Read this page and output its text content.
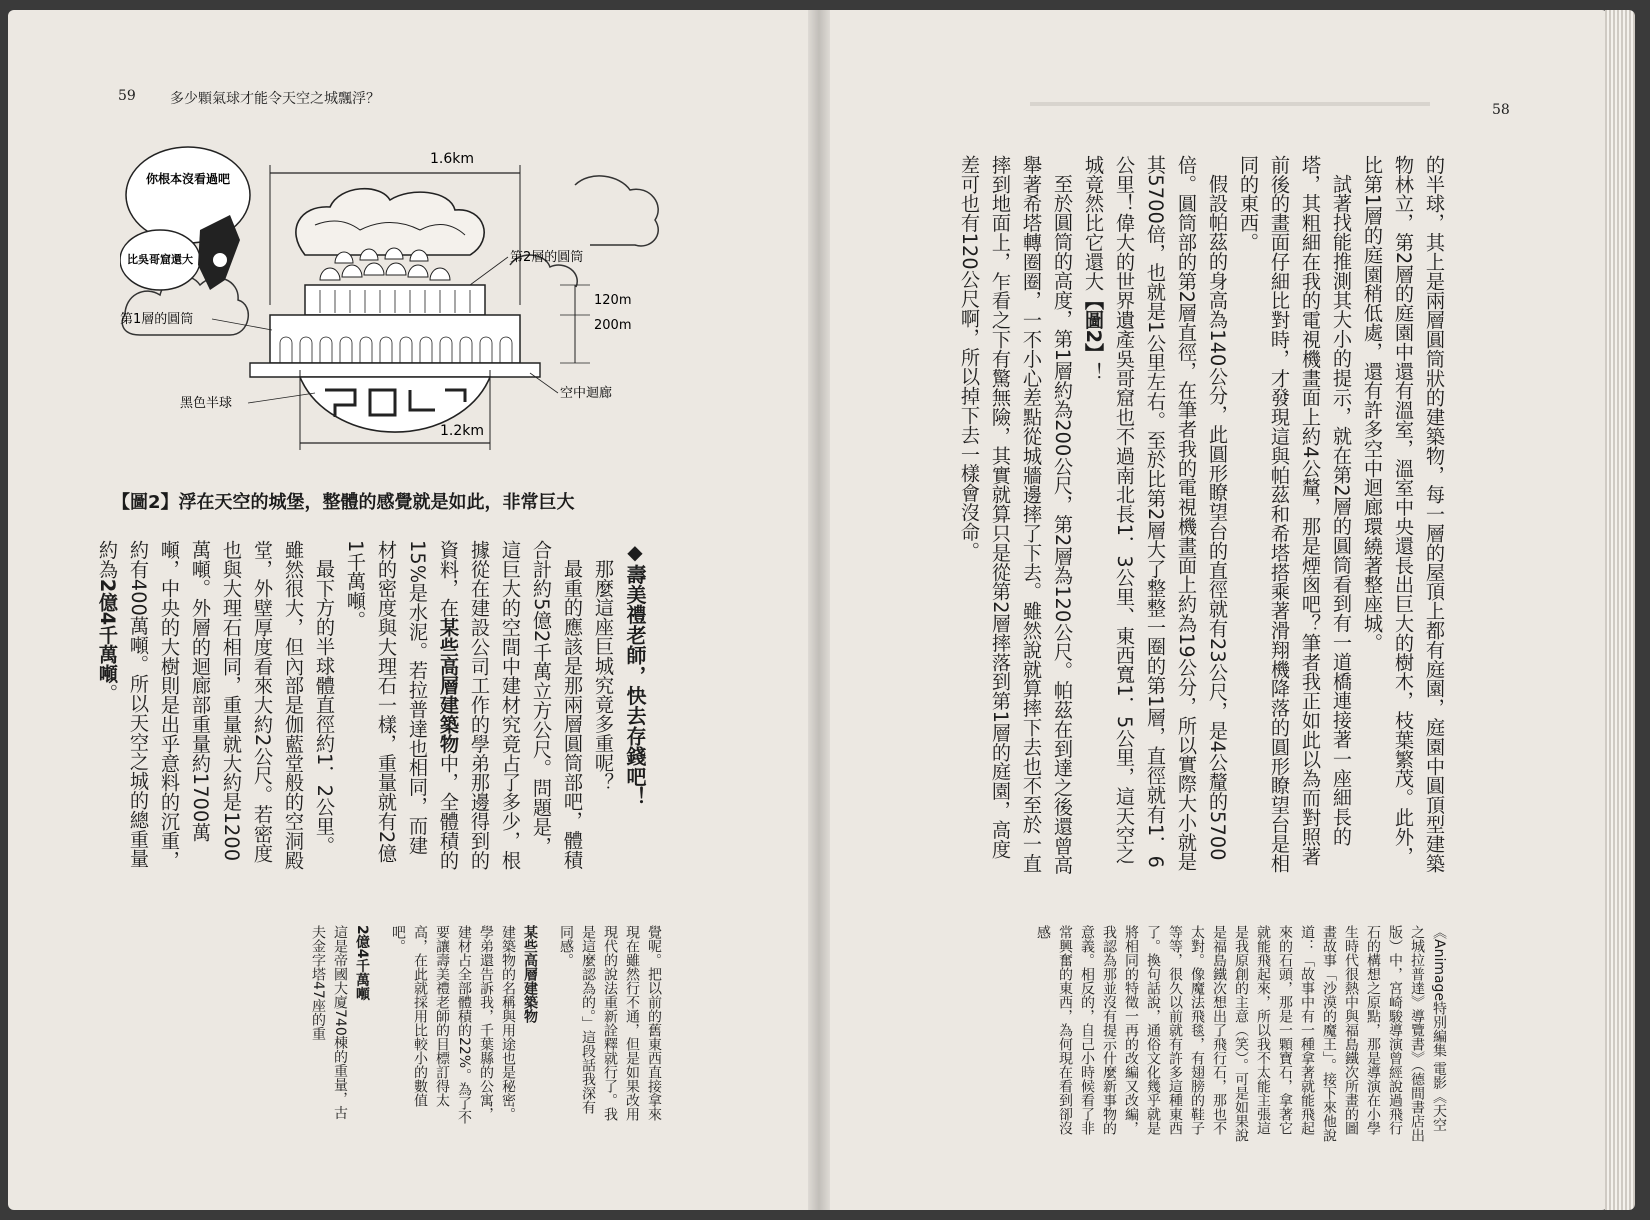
59 多少顆氣球才能令天空之城飄浮？
你根本沒看過吧
比吳哥窟還大
1.6km
1.2km
120m
200m
第2層的圓筒
第1層的圓筒
空中迴廊
黑色半球
【圖2】浮在天空的城堡，整體的感覺就是如此，非常巨大

◆壽美禮老師，快去存錢吧！

那麼這座巨城究竟多重呢？

最重的應該是那兩層圓筒部吧，體積合計約5億2千萬立方公尺。問題是，這巨大的空間中建材究竟占了多少，根據從在建設公司工作的學弟那邊得到的資料，在某些高層建築物中，全體積的15%是水泥。若拉普達也相同，而建材的密度與大理石一樣，重量就有2億1千萬噸。

最下方的半球體直徑約1．2公里。雖然很大，但內部是伽藍堂般的空洞殿堂，外壁厚度看來大約2公尺。若密度也與大理石相同，重量就大約是1200萬噸。外層的迴廊部重量約1700萬噸，中央的大樹則是出乎意料的沉重，約有400萬噸。所以天空之城的總重量約為2億4千萬噸。

覺呢。把以前的舊東西直接拿來現在雖然行不通，但是如果改用現代的說法重新詮釋就行了。我是這麼認為的。」這段話我深有同感。

某些高層建築物
建築物的名稱與用途也是秘密。學弟還告訴我，千葉縣的公寓，建材占全部體積的22%。為了不要讓壽美禮老師的目標訂得太高，在此就採用比較小的數值吧。

2億4千萬噸
這是帝國大廈740棟的重量，古夫金字塔47座的重

58

的半球，其上是兩層圓筒狀的建築物，每一層的屋頂上都有庭園，庭園中圓頂型建築物林立，第2層的庭園中還有溫室，溫室中央還長出巨大的樹木，枝葉繁茂。此外，比第1層的庭園稍低處，還有許多空中迴廊環繞著整座城。

試著找能推測其大小的提示，就在第2層的圓筒看到有一道橋連接著一座細長的塔，其粗細在我的電視機畫面上約4公釐，那是煙囪吧？筆者我正如此以為而對照著前後的畫面仔細比對時，才發現這與帕茲和希塔搭乘著滑翔機降落的圓形瞭望台是相同的東西。

假設帕茲的身高為140公分，此圓形瞭望台的直徑就有23公尺，是4公釐的5700倍。圓筒部的第2層直徑，在筆者我的電視機畫面上約為19公分，所以實際大小就是其5700倍，也就是1公里左右。至於比第2層大了整整一圈的第1層，直徑就有1．6公里！偉大的世界遺產吳哥窟也不過南北長1．3公里、東西寬1．5公里，這天空之城竟然比它還大【圖2】！

至於圓筒的高度，第1層約為200公尺，第2層為120公尺。帕茲在到達之後還曾高舉著希塔轉圈圈，一不小心差點從城牆邊摔了下去。雖然說就算摔下去也不至於一直摔到地面上，乍看之下有驚無險，其實就算只是從第2層摔落到第1層的庭園，高度差可也有120公尺啊，所以掉下去一樣會沒命。

《Animage特別編集 電影《天空之城拉普達》導覽書》（德間書店出版）中，宮崎駿導演曾經說過飛行石的構想之原點，那是導演在小學生時代很熱中與福島鐵次所畫的圖畫故事「沙漠的魔王」。接下來他說道：「故事中有一種拿著就能飛起來的石頭，那是一顆寶石，拿著它就能飛起來，所以我不太能主張這是我原創的主意（笑）。可是如果說是福島鐵次想出了飛行石，那也不太對。像魔法飛毯，有翅膀的鞋子等等，很久以前就有許多這種東西了。換句話說，通俗文化幾乎就是將相同的特徵一再的改編又改編，我認為那並沒有提示什麼新事物的意義。相反的，自己小時候看了非常興奮的東西，為何現在看到卻沒感
